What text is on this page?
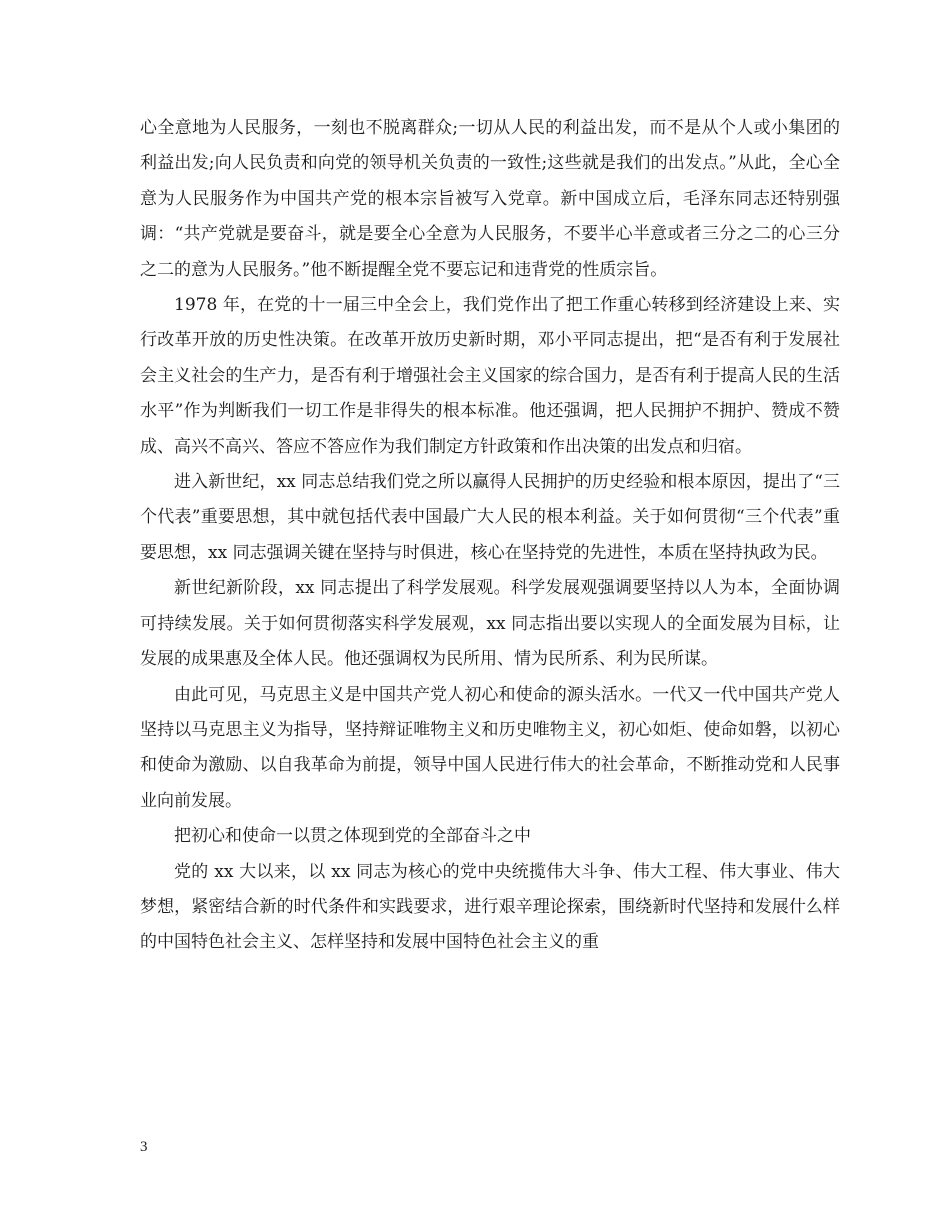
心全意地为人民服务，一刻也不脱离群众;一切从人民的利益出发，而不是从个人或小集团的利益出发;向人民负责和向党的领导机关负责的一致性;这些就是我们的出发点。”从此，全心全意为人民服务作为中国共产党的根本宗旨被写入党章。新中国成立后，毛泽东同志还特别强调：“共产党就是要奋斗，就是要全心全意为人民服务，不要半心半意或者三分之二的心三分之二的意为人民服务。”他不断提醒全党不要忘记和违背党的性质宗旨。

1978 年，在党的十一届三中全会上，我们党作出了把工作重心转移到经济建设上来、实行改革开放的历史性决策。在改革开放历史新时期，邓小平同志提出，把“是否有利于发展社会主义社会的生产力，是否有利于增强社会主义国家的综合国力，是否有利于提高人民的生活水平”作为判断我们一切工作是非得失的根本标准。他还强调，把人民拥护不拥护、赞成不赞成、高兴不高兴、答应不答应作为我们制定方针政策和作出决策的出发点和归宿。

进入新世纪，xx 同志总结我们党之所以赢得人民拥护的历史经验和根本原因，提出了“三个代表”重要思想，其中就包括代表中国最广大人民的根本利益。关于如何贯彻“三个代表”重要思想，xx 同志强调关键在坚持与时俱进，核心在坚持党的先进性，本质在坚持执政为民。

新世纪新阶段，xx 同志提出了科学发展观。科学发展观强调要坚持以人为本，全面协调可持续发展。关于如何贯彻落实科学发展观，xx 同志指出要以实现人的全面发展为目标，让发展的成果惠及全体人民。他还强调权为民所用、情为民所系、利为民所谋。

由此可见，马克思主义是中国共产党人初心和使命的源头活水。一代又一代中国共产党人坚持以马克思主义为指导，坚持辩证唯物主义和历史唯物主义，初心如炬、使命如磐，以初心和使命为激励、以自我革命为前提，领导中国人民进行伟大的社会革命，不断推动党和人民事业向前发展。

把初心和使命一以贯之体现到党的全部奋斗之中

党的 xx 大以来，以 xx 同志为核心的党中央统揽伟大斗争、伟大工程、伟大事业、伟大梦想，紧密结合新的时代条件和实践要求，进行艰辛理论探索，围绕新时代坚持和发展什么样的中国特色社会主义、怎样坚持和发展中国特色社会主义的重

3
